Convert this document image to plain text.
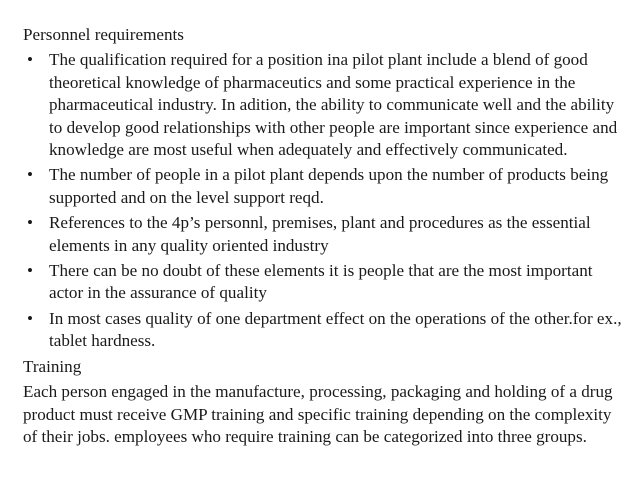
Personnel requirements

• The qualification required for a position ina pilot plant include a blend of good theoretical knowledge of pharmaceutics and some practical experience in the pharmaceutical industry. In adition, the ability to communicate well and the ability to develop good relationships with other people are important since experience and knowledge are most useful when adequately and effectively communicated.
• The number of people in a pilot plant depends upon the number of products being supported and on the level support reqd.
• References to the 4p’s personnl, premises, plant and procedures as the essential elements in any quality oriented industry
• There can be no doubt of these elements it is people that are the most important actor in the assurance of quality
• In most cases quality of one department effect on the operations of the other.for ex., tablet hardness.

Training

Each person engaged in the manufacture, processing, packaging and holding of a drug product must receive GMP training and specific training depending on the complexity of their jobs. employees who require training can be categorized into three groups.
